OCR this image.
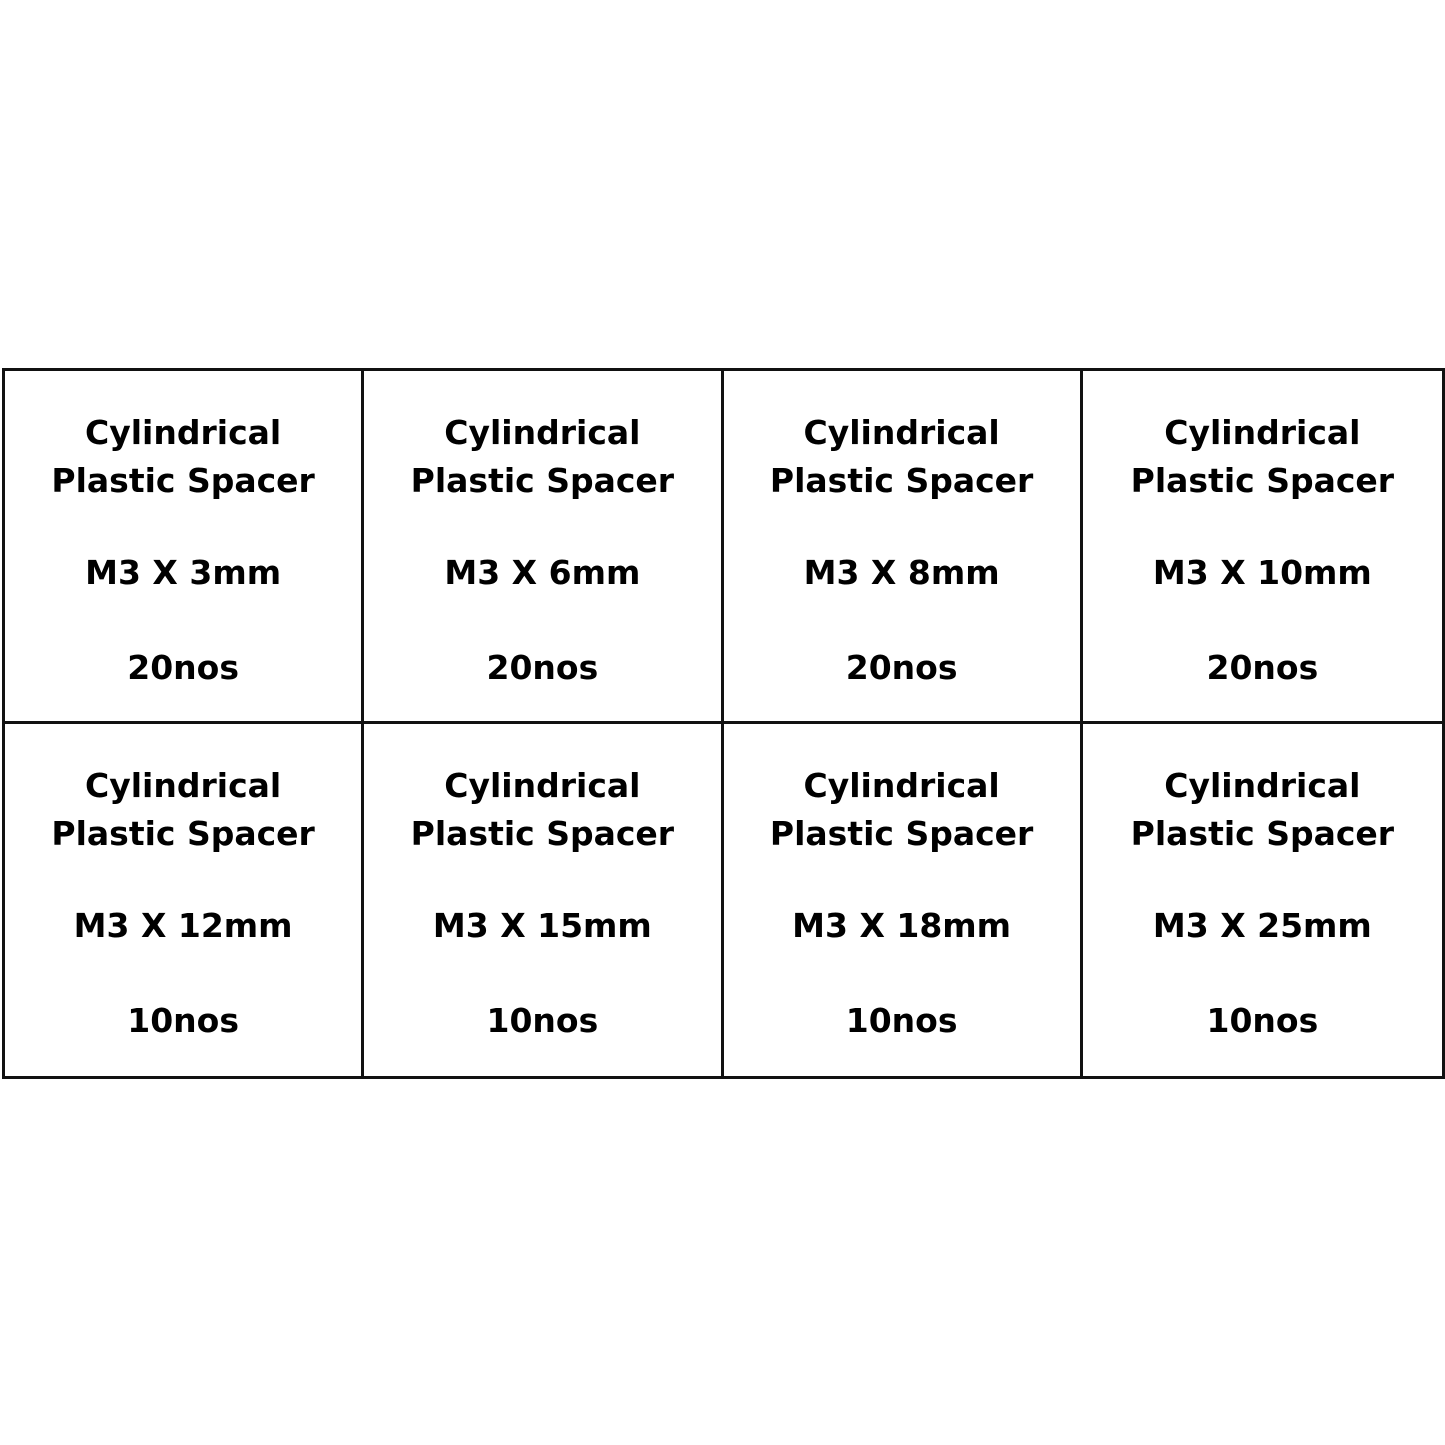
Cylindrical
Plastic Spacer
M3 X 3mm
20nos
Cylindrical
Plastic Spacer
M3 X 6mm
20nos
Cylindrical
Plastic Spacer
M3 X 8mm
20nos
Cylindrical
Plastic Spacer
M3 X 10mm
20nos
Cylindrical
Plastic Spacer
M3 X 12mm
10nos
Cylindrical
Plastic Spacer
M3 X 15mm
10nos
Cylindrical
Plastic Spacer
M3 X 18mm
10nos
Cylindrical
Plastic Spacer
M3 X 25mm
10nos
